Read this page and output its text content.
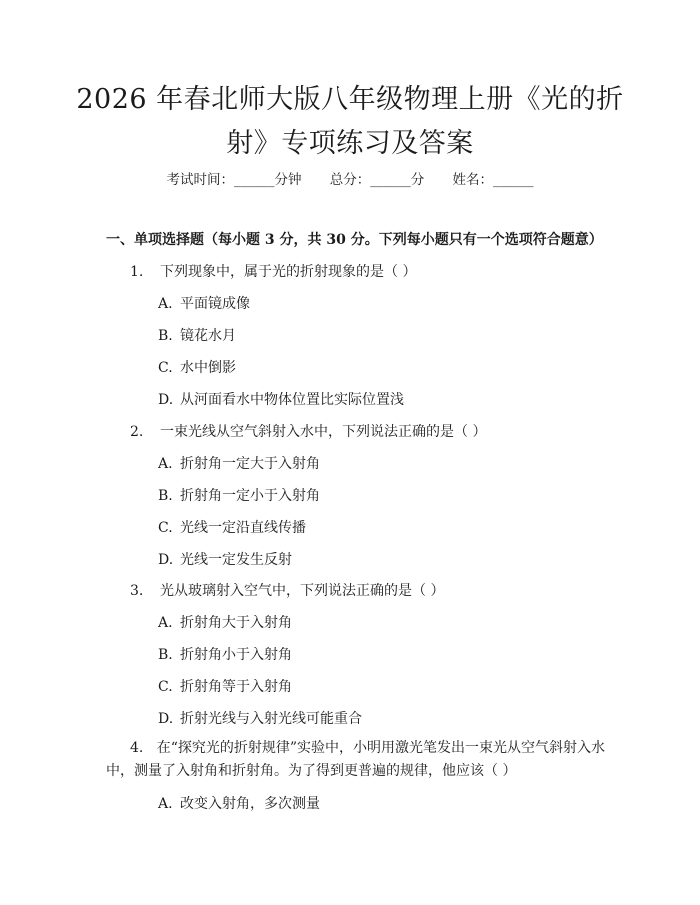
2026 年春北师大版八年级物理上册《光的折
射》专项练习及答案
考试时间：______分钟 总分：______分 姓名：______
一、单项选择题（每小题 3 分，共 30 分。下列每小题只有一个选项符合题意）
1. 下列现象中，属于光的折射现象的是（ ）
A. 平面镜成像
B. 镜花水月
C. 水中倒影
D. 从河面看水中物体位置比实际位置浅
2. 一束光线从空气斜射入水中，下列说法正确的是（ ）
A. 折射角一定大于入射角
B. 折射角一定小于入射角
C. 光线一定沿直线传播
D. 光线一定发生反射
3. 光从玻璃射入空气中，下列说法正确的是（ ）
A. 折射角大于入射角
B. 折射角小于入射角
C. 折射角等于入射角
D. 折射光线与入射光线可能重合
4. 在“探究光的折射规律”实验中，小明用激光笔发出一束光从空气斜射入水中，测量了入射角和折射角。为了得到更普遍的规律，他应该（ ）
A. 改变入射角，多次测量
